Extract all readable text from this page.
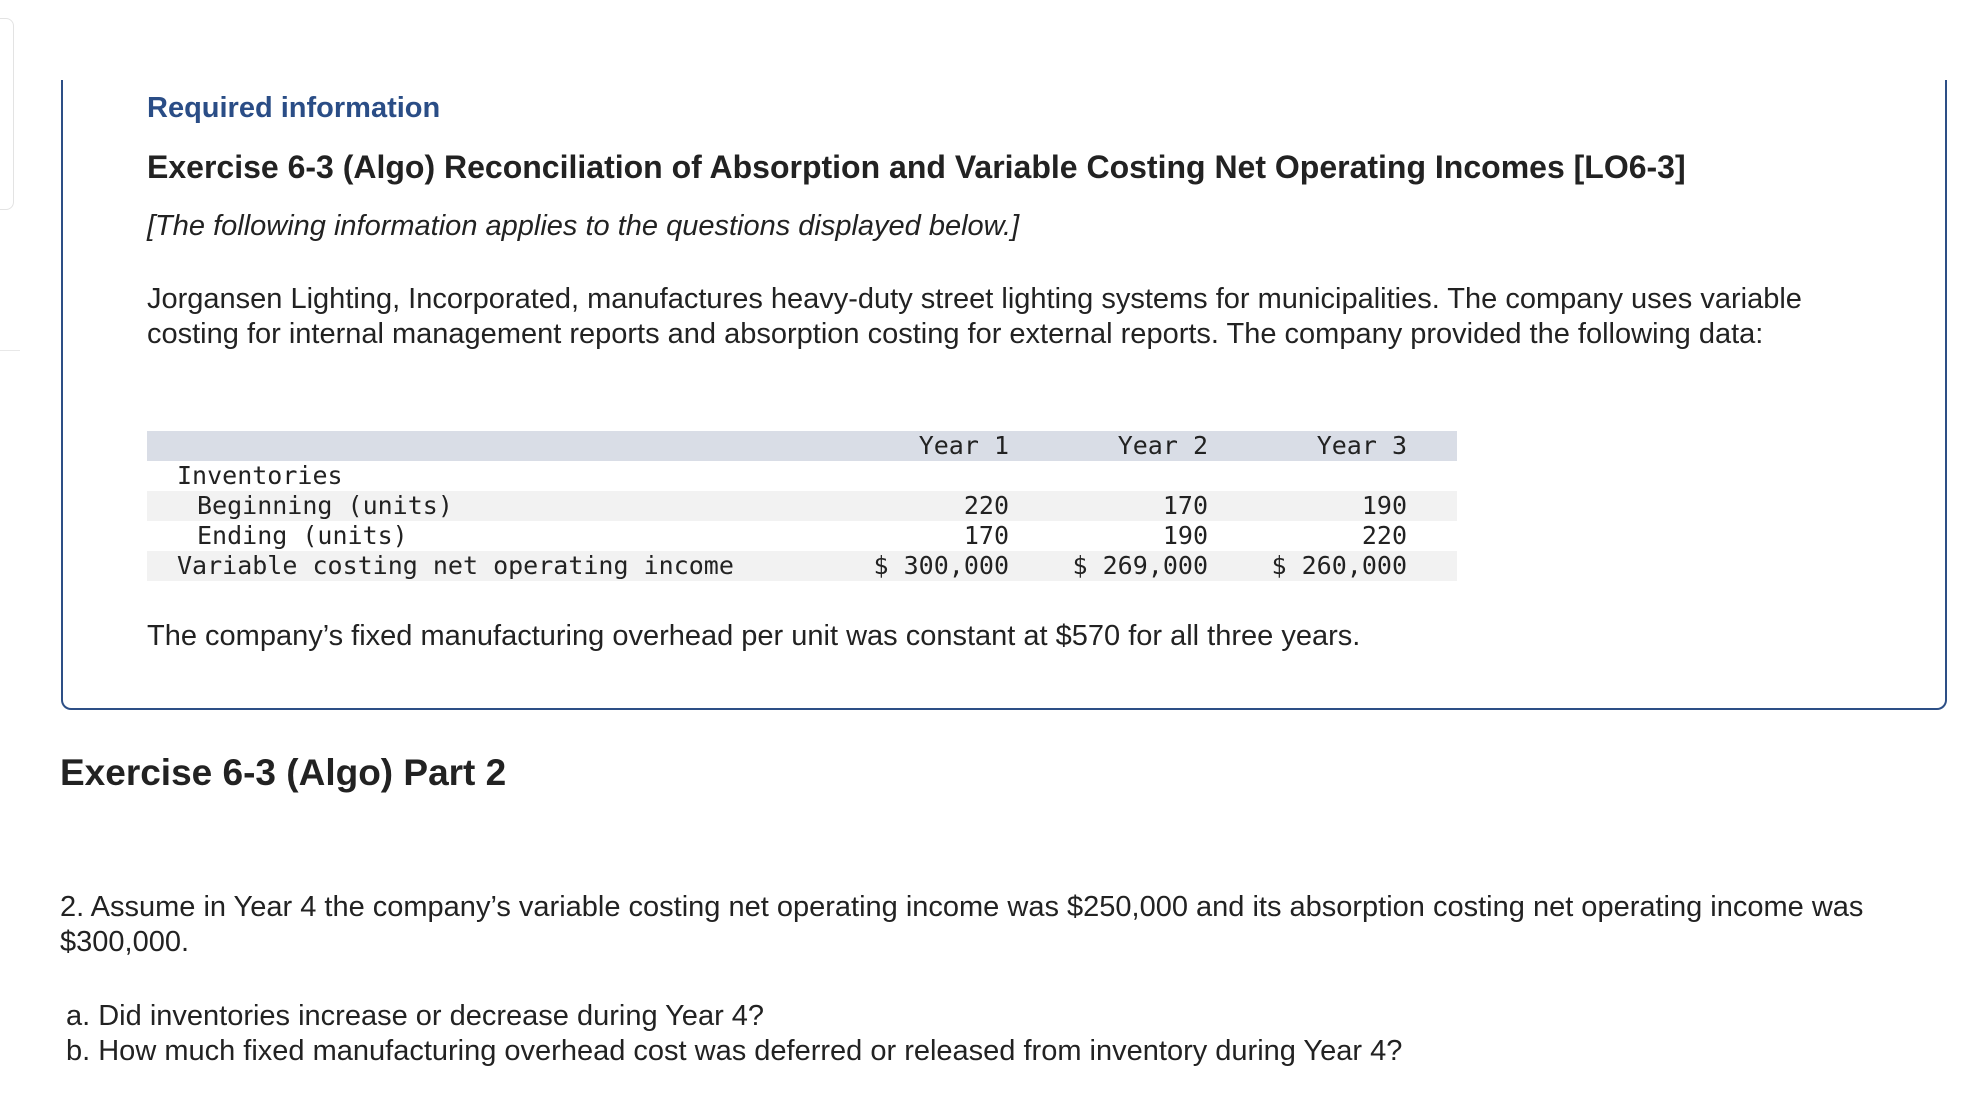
Required information
Exercise 6-3 (Algo) Reconciliation of Absorption and Variable Costing Net Operating Incomes [LO6-3]

[The following information applies to the questions displayed below.]

Jorgansen Lighting, Incorporated, manufactures heavy-duty street lighting systems for municipalities. The company uses variable costing for internal management reports and absorption costing for external reports. The company provided the following data:

	Year 1	Year 2	Year 3	
Inventories				
Beginning (units)	220	170	190	
Ending (units)	170	190	220	
Variable costing net operating income	$ 300,000	$ 269,000	$ 260,000	

The company’s fixed manufacturing overhead per unit was constant at $570 for all three years.

Exercise 6-3 (Algo) Part 2

2. Assume in Year 4 the company’s variable costing net operating income was $250,000 and its absorption costing net operating income was $300,000.

a. Did inventories increase or decrease during Year 4?
b. How much fixed manufacturing overhead cost was deferred or released from inventory during Year 4?
